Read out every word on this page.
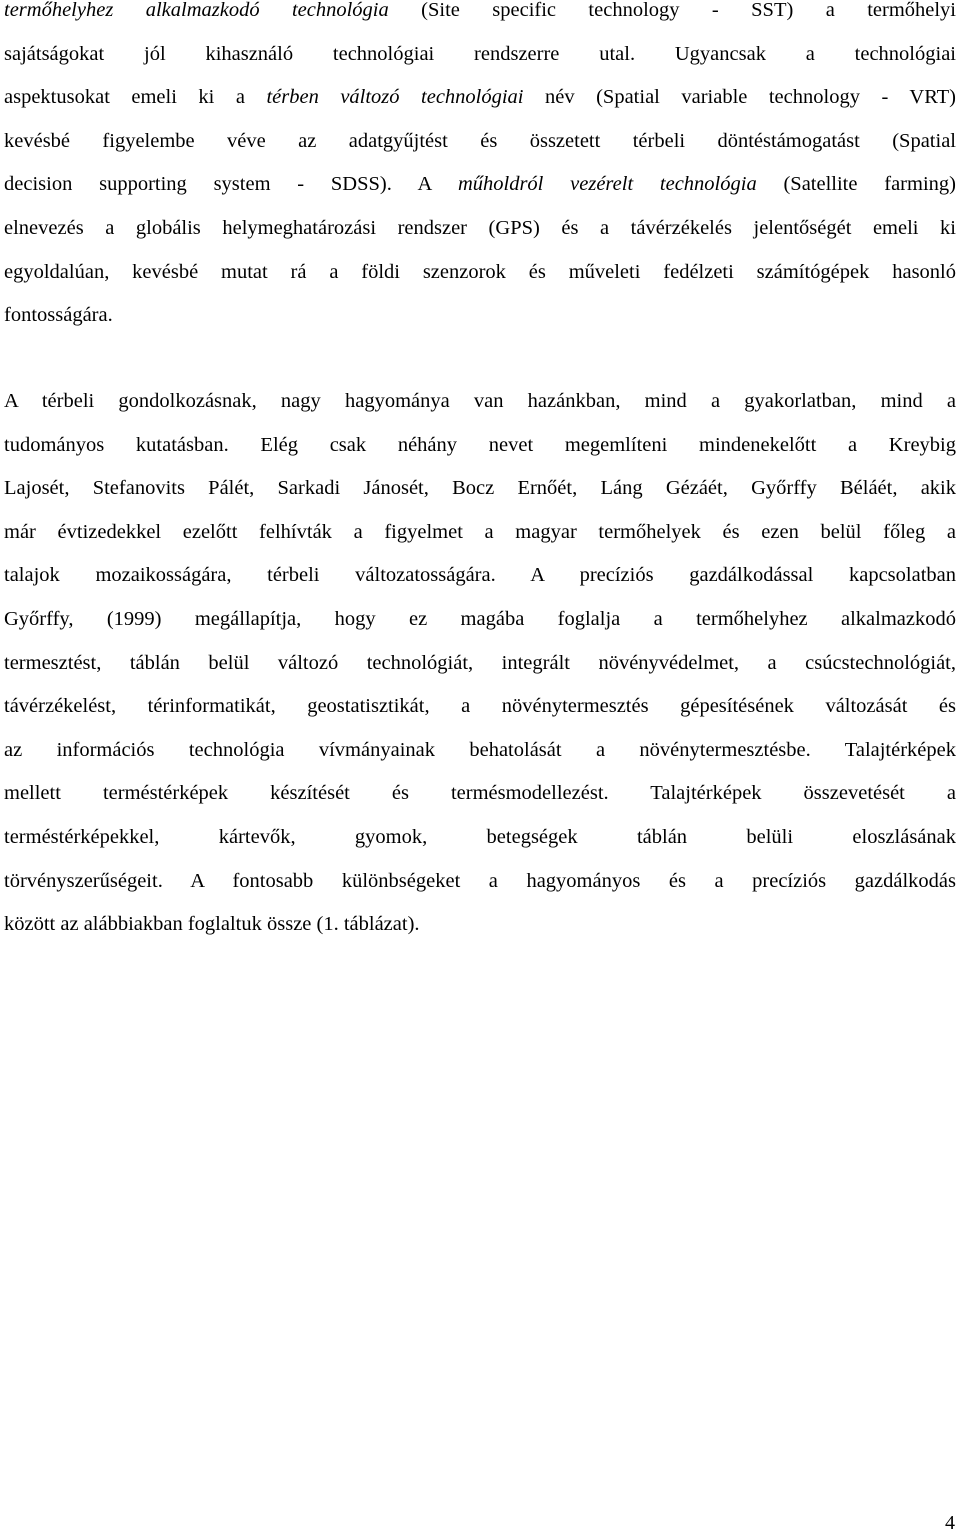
termőhelyhez alkalmazkodó technológia (Site specific technology - SST) a termőhelyi
sajátságokat jól kihasználó technológiai rendszerre utal. Ugyancsak a technológiai
aspektusokat emeli ki a térben változó technológiai név (Spatial variable technology - VRT)
kevésbé figyelembe véve az adatgyűjtést és összetett térbeli döntéstámogatást (Spatial
decision supporting system - SDSS). A műholdról vezérelt technológia (Satellite farming)
elnevezés a globális helymeghatározási rendszer (GPS) és a távérzékelés jelentőségét emeli ki
egyoldalúan, kevésbé mutat rá a földi szenzorok és műveleti fedélzeti számítógépek hasonló
fontosságára.
A térbeli gondolkozásnak, nagy hagyománya van hazánkban, mind a gyakorlatban, mind a
tudományos kutatásban. Elég csak néhány nevet megemlíteni mindenekelőtt a Kreybig
Lajosét, Stefanovits Pálét, Sarkadi Jánosét, Bocz Ernőét, Láng Gézáét, Győrffy Béláét, akik
már évtizedekkel ezelőtt felhívták a figyelmet a magyar termőhelyek és ezen belül főleg a
talajok mozaikosságára, térbeli változatosságára. A precíziós gazdálkodással kapcsolatban
Győrffy, (1999) megállapítja, hogy ez magába foglalja a termőhelyhez alkalmazkodó
termesztést, táblán belül változó technológiát, integrált növényvédelmet, a csúcstechnológiát,
távérzékelést, térinformatikát, geostatisztikát, a növénytermesztés gépesítésének változását és
az információs technológia vívmányainak behatolását a növénytermesztésbe. Talajtérképek
mellett terméstérképek készítését és termésmodellezést. Talajtérképek összevetését a
terméstérképekkel, kártevők, gyomok, betegségek táblán belüli eloszlásának
törvényszerűségeit. A fontosabb különbségeket a hagyományos és a precíziós gazdálkodás
között az alábbiakban foglaltuk össze (1. táblázat).
4
